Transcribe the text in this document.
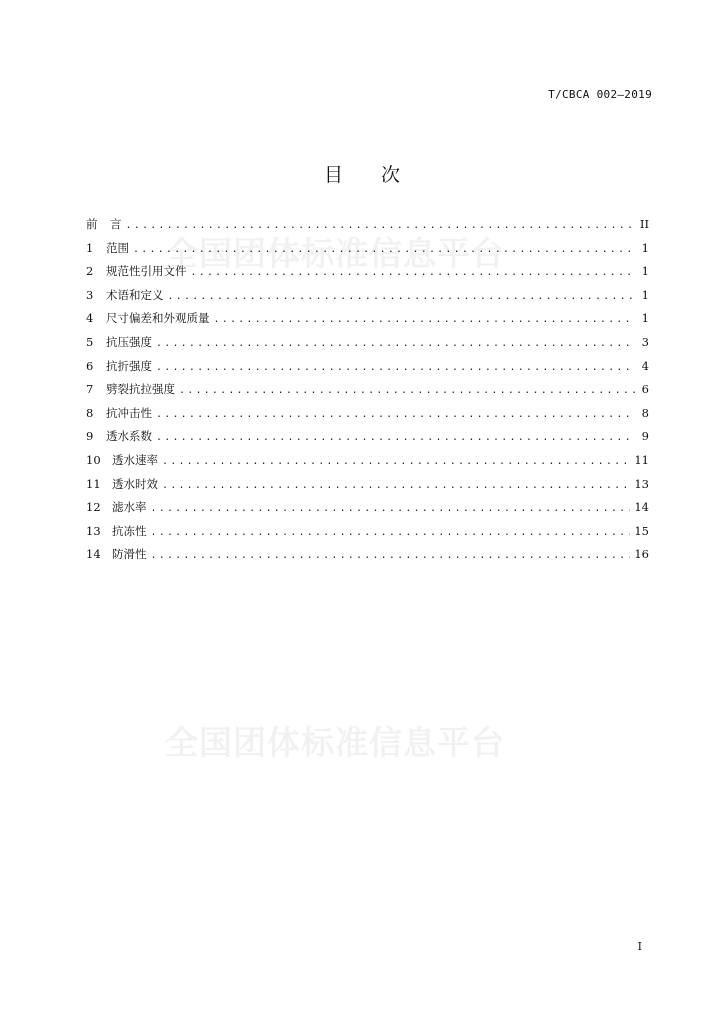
T/CBCA 002—2019
目 次
全国团体标准信息平台
全国团体标准信息平台
前	言 .....	II
1	范围 .....	1
2	规范性引用文件 .....	1
3	术语和定义 .....	1
4	尺寸偏差和外观质量 .....	1
5	抗压强度 .....	3
6	抗折强度 .....	4
7	劈裂抗拉强度 .....	6
8	抗冲击性 .....	8
9	透水系数 .....	9
10 透水速率 .....	11
11 透水时效 .....	13
12 滤水率 .....	14
13 抗冻性 .....	15
14 防滑性 .....	16
I
